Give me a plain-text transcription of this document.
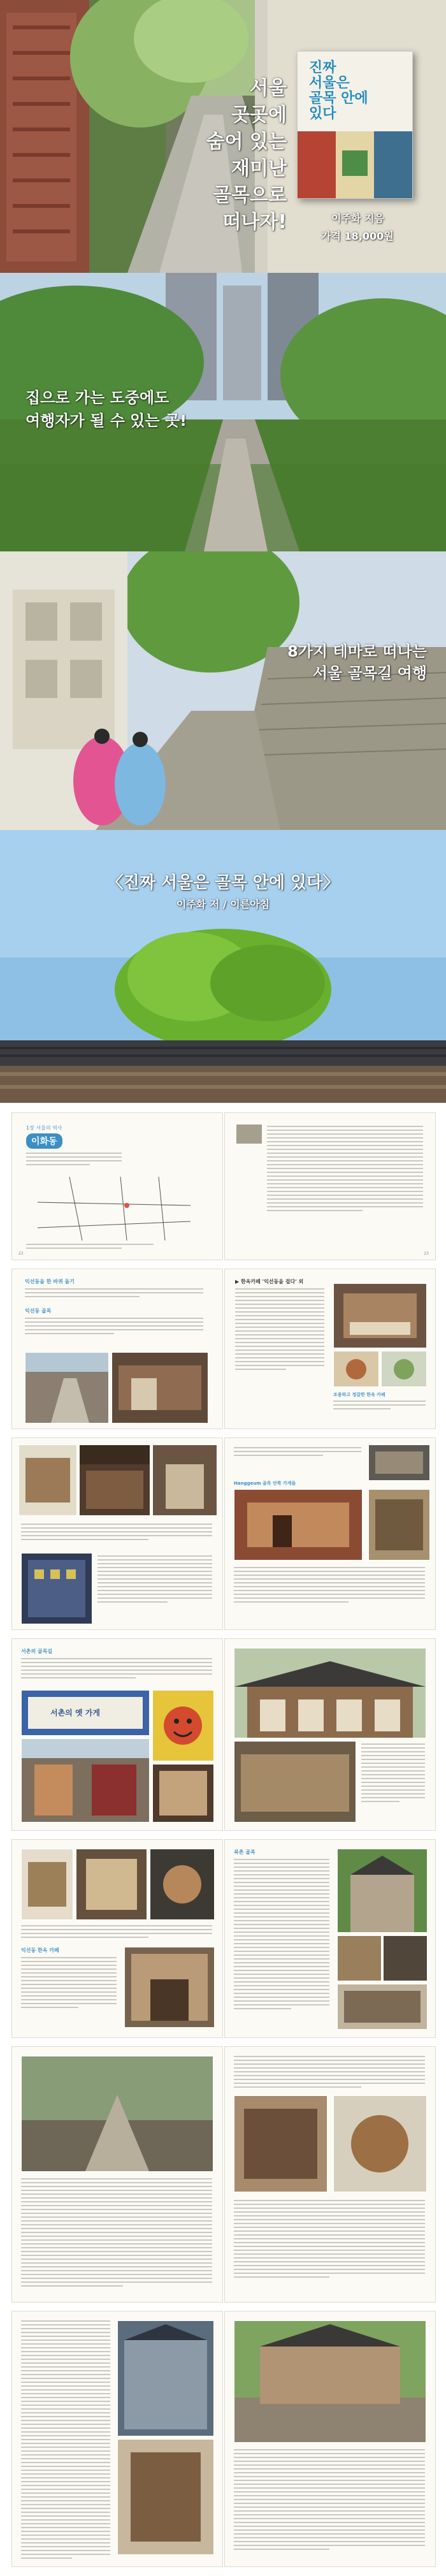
서울
곳곳에
숨어 있는
재미난
골목으로
떠나자!
진짜
서울은
골목 안에
있다
이주화 지음
가격 18,000원
집으로 가는 도중에도
여행자가 될 수 있는 곳!
8가지 테마로 떠나는
서울 골목길 여행
〈진짜 서울은 골목 안에 있다〉
이주화 저 / 이른아침
1장 서울의 역사
이화동
22	23
익선동을 한 바퀴 돌기
익선동 골목
▶ 한옥카페 '익선동을 걸다' 외
조용하고 정갈한 한옥 카페
Hanggeum 골목 안쪽 가게들
서촌의 골목길
서촌의 옛 가게
익선동 한옥 카페
북촌 골목
